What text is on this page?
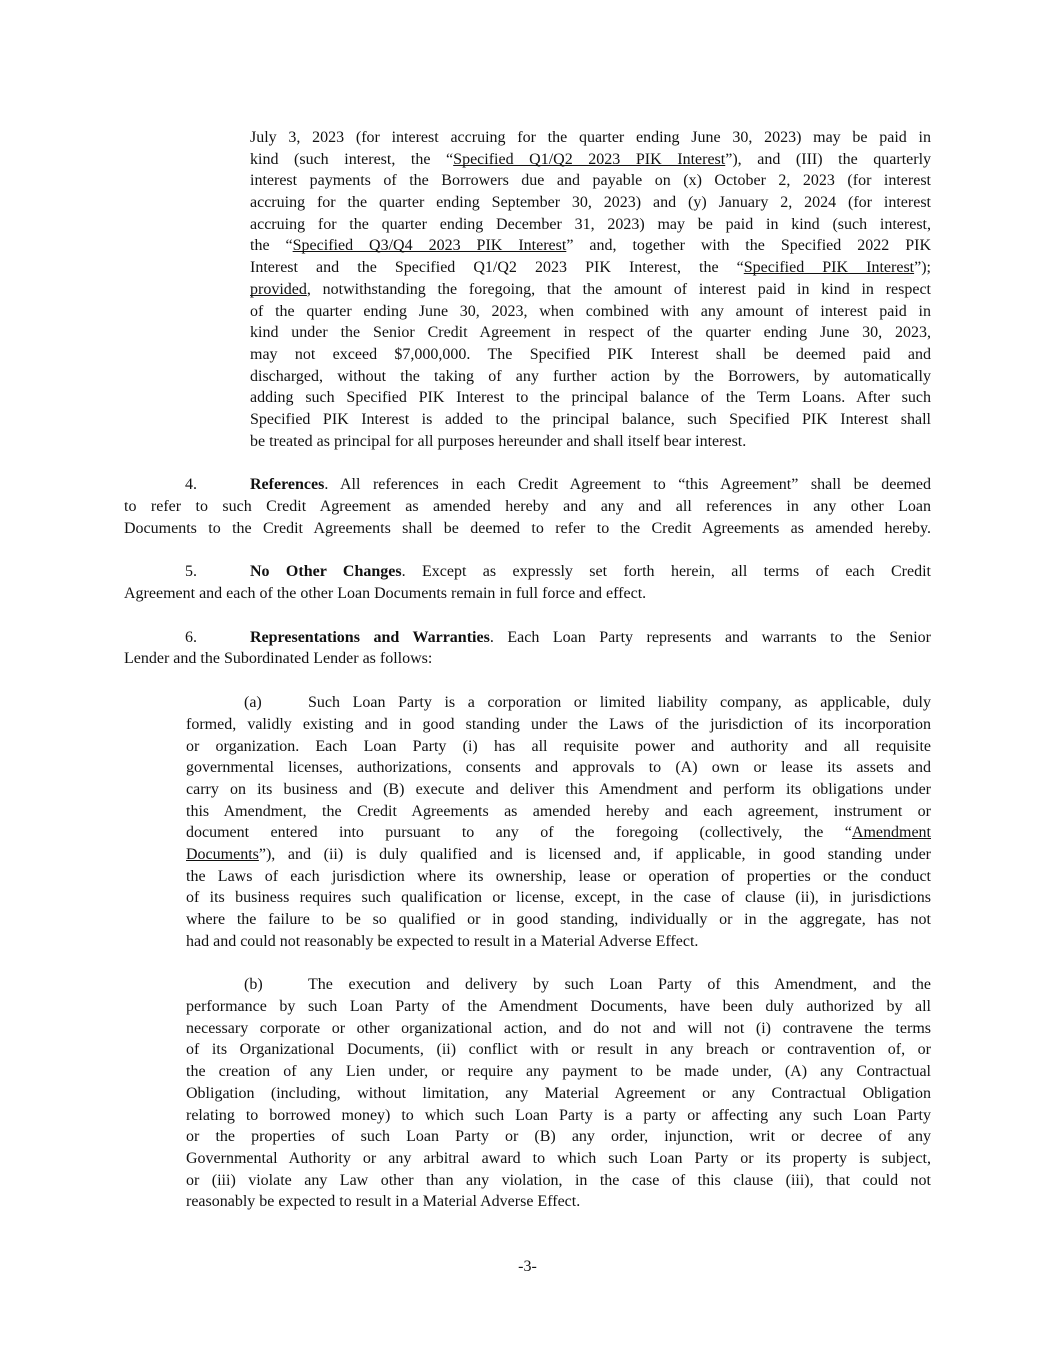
July 3, 2023 (for interest accruing for the quarter ending June 30, 2023) may be paid in
kind (such interest, the “Specified Q1/Q2 2023 PIK Interest”), and (III) the quarterly
interest payments of the Borrowers due and payable on (x) October 2, 2023 (for interest
accruing for the quarter ending September 30, 2023) and (y) January 2, 2024 (for interest
accruing for the quarter ending December 31, 2023) may be paid in kind (such interest,
the “Specified Q3/Q4 2023 PIK Interest” and, together with the Specified 2022 PIK
Interest and the Specified Q1/Q2 2023 PIK Interest, the “Specified PIK Interest”);
provided, notwithstanding the foregoing, that the amount of interest paid in kind in respect
of the quarter ending June 30, 2023, when combined with any amount of interest paid in
kind under the Senior Credit Agreement in respect of the quarter ending June 30, 2023,
may not exceed $7,000,000. The Specified PIK Interest shall be deemed paid and
discharged, without the taking of any further action by the Borrowers, by automatically
adding such Specified PIK Interest to the principal balance of the Term Loans. After such
Specified PIK Interest is added to the principal balance, such Specified PIK Interest shall
be treated as principal for all purposes hereunder and shall itself bear interest.
4.	References. All references in each Credit Agreement to “this Agreement” shall be deemed
to refer to such Credit Agreement as amended hereby and any and all references in any other Loan
Documents to the Credit Agreements shall be deemed to refer to the Credit Agreements as amended hereby.
5.	No Other Changes. Except as expressly set forth herein, all terms of each Credit
Agreement and each of the other Loan Documents remain in full force and effect.
6.	Representations and Warranties. Each Loan Party represents and warrants to the Senior
Lender and the Subordinated Lender as follows:
(a)	Such Loan Party is a corporation or limited liability company, as applicable, duly
formed, validly existing and in good standing under the Laws of the jurisdiction of its incorporation
or organization. Each Loan Party (i) has all requisite power and authority and all requisite
governmental licenses, authorizations, consents and approvals to (A) own or lease its assets and
carry on its business and (B) execute and deliver this Amendment and perform its obligations under
this Amendment, the Credit Agreements as amended hereby and each agreement, instrument or
document entered into pursuant to any of the foregoing (collectively, the “Amendment
Documents”), and (ii) is duly qualified and is licensed and, if applicable, in good standing under
the Laws of each jurisdiction where its ownership, lease or operation of properties or the conduct
of its business requires such qualification or license, except, in the case of clause (ii), in jurisdictions
where the failure to be so qualified or in good standing, individually or in the aggregate, has not
had and could not reasonably be expected to result in a Material Adverse Effect.
(b)	The execution and delivery by such Loan Party of this Amendment, and the
performance by such Loan Party of the Amendment Documents, have been duly authorized by all
necessary corporate or other organizational action, and do not and will not (i) contravene the terms
of its Organizational Documents, (ii) conflict with or result in any breach or contravention of, or
the creation of any Lien under, or require any payment to be made under, (A) any Contractual
Obligation (including, without limitation, any Material Agreement or any Contractual Obligation
relating to borrowed money) to which such Loan Party is a party or affecting any such Loan Party
or the properties of such Loan Party or (B) any order, injunction, writ or decree of any
Governmental Authority or any arbitral award to which such Loan Party or its property is subject,
or (iii) violate any Law other than any violation, in the case of this clause (iii), that could not
reasonably be expected to result in a Material Adverse Effect.
-3-
